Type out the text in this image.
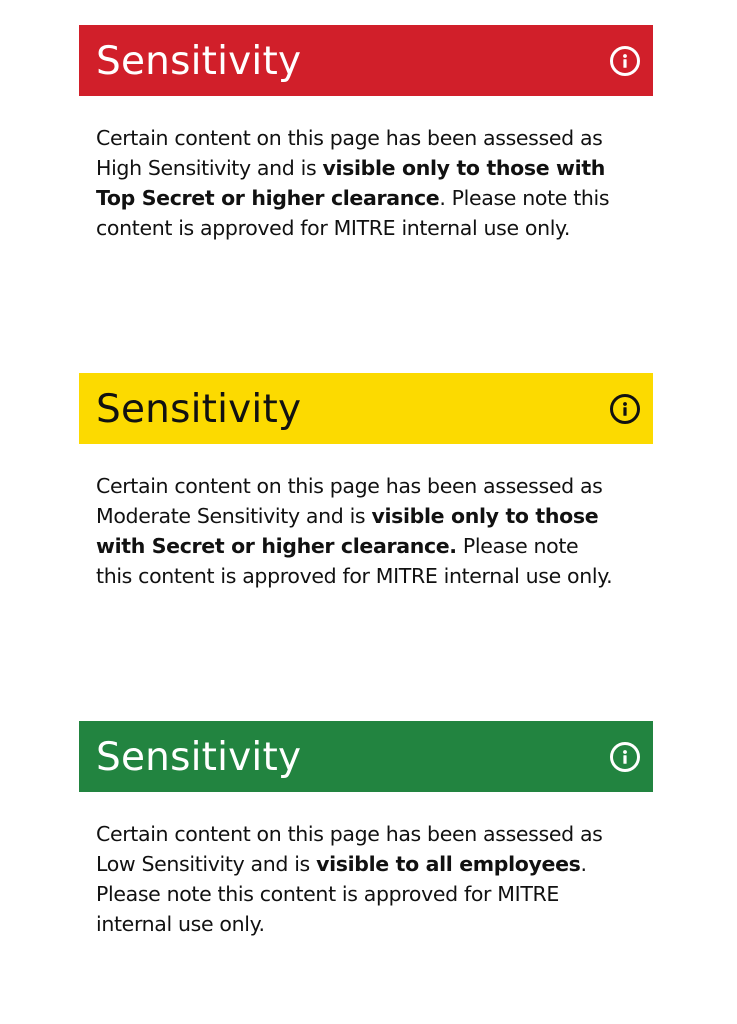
Sensitivity

Certain content on this page has been assessed as High Sensitivity and is visible only to those with Top Secret or higher clearance. Please note this content is approved for MITRE internal use only.

Sensitivity

Certain content on this page has been assessed as Moderate Sensitivity and is visible only to those with Secret or higher clearance. Please note this content is approved for MITRE internal use only.

Sensitivity

Certain content on this page has been assessed as Low Sensitivity and is visible to all employees. Please note this content is approved for MITRE internal use only.
